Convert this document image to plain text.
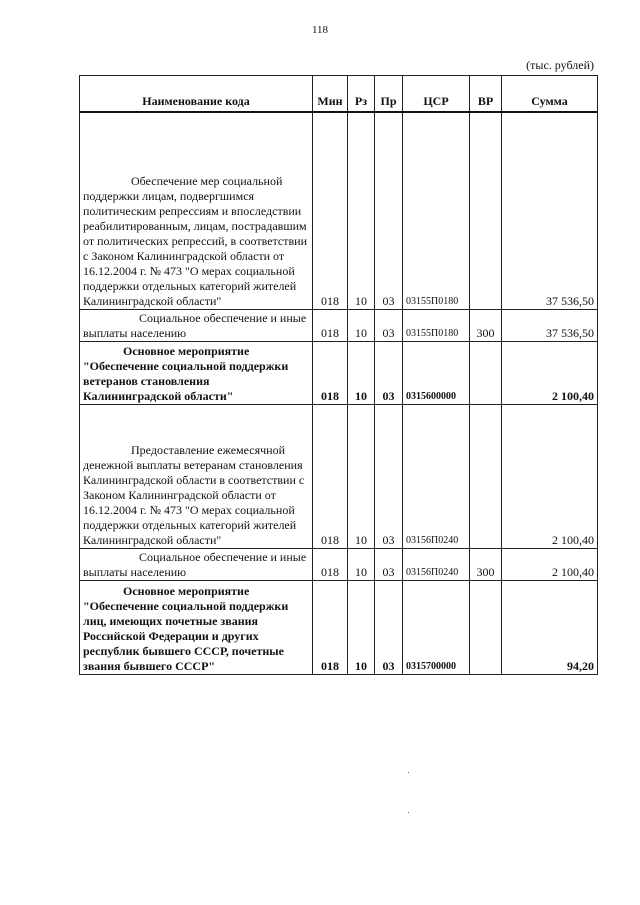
118
(тыс. рублей)
Наименование кода	Мин	Рз	Пр	ЦСР	ВР	Сумма
Обеспечение мер социальной поддержки лицам, подвергшимся политическим репрессиям и впоследствии реабилитированным, лицам, пострадавшим от политических репрессий, в соответствии с Законом Калининградской области от 16.12.2004 г. № 473 "О мерах социальной поддержки отдельных категорий жителей Калининградской области"	018	10	03	03155П0180		37 536,50
Социальное обеспечение и иные выплаты населению	018	10	03	03155П0180	300	37 536,50
Основное мероприятие "Обеспечение социальной поддержки ветеранов становления Калининградской области"	018	10	03	0315600000		2 100,40
Предоставление ежемесячной денежной выплаты ветеранам становления Калининградской области в соответствии с Законом Калининградской области от 16.12.2004 г. № 473 "О мерах социальной поддержки отдельных категорий жителей Калининградской области"	018	10	03	03156П0240		2 100,40
Социальное обеспечение и иные выплаты населению	018	10	03	03156П0240	300	2 100,40
Основное мероприятие "Обеспечение социальной поддержки лиц, имеющих почетные звания Российской Федерации и других республик бывшего СССР, почетные звания бывшего СССР"	018	10	03	0315700000		94,20
